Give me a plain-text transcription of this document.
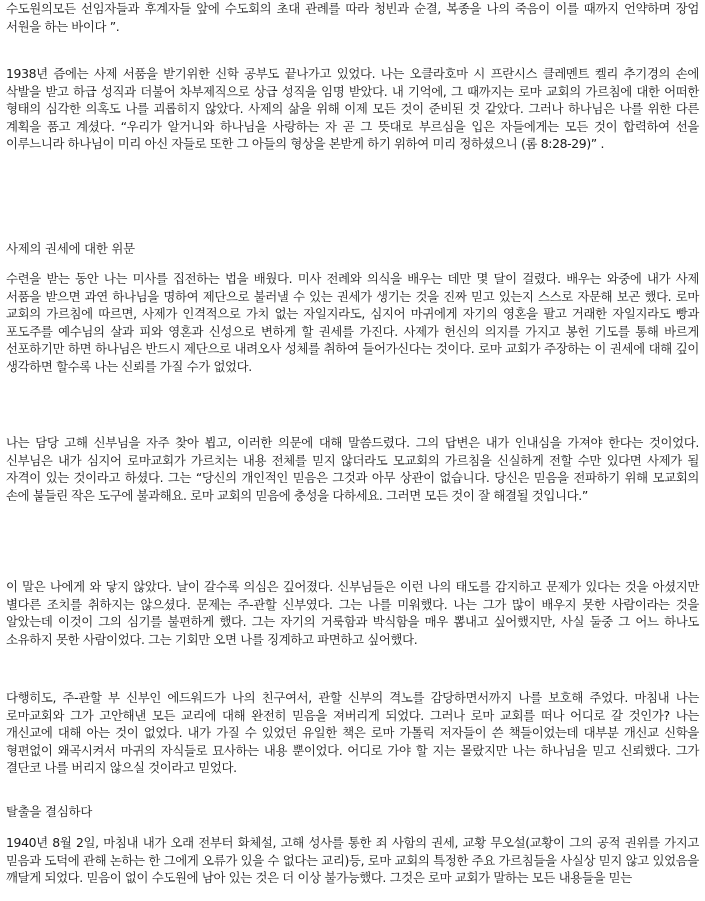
수도원의모든 선임자들과 후계자들 앞에 수도회의 초대 관례를 따라 청빈과 순결, 복종을 나의 죽음이 이를 때까지 언약하며 장엄 서원을 하는 바이다 ”.

1938년 즘에는 사제 서품을 받기위한 신학 공부도 끝나가고 있었다. 나는 오클라호마 시 프란시스 클레멘트 켈리 추기경의 손에 삭발을 받고 하급 성직과 더불어 차부제직으로 상급 성직을 임명 받았다. 내 기억에, 그 때까지는 로마 교회의 가르침에 대한 어떠한 형태의 심각한 의혹도 나를 괴롭히지 않았다. 사제의 삶을 위해 이제 모든 것이 준비된 것 같았다. 그러나 하나님은 나를 위한 다른 계획을 품고 계셨다. “우리가 알거니와 하나님을 사랑하는 자 곧 그 뜻대로 부르심을 입은 자들에게는 모든 것이 합력하여 선을 이루느니라 하나님이 미리 아신 자들로 또한 그 아들의 형상을 본받게 하기 위하여 미리 정하셨으니 (롬 8:28-29)” .

사제의 권세에 대한 위문

수련을 받는 동안 나는 미사를 집전하는 법을 배웠다. 미사 전례와 의식을 배우는 데만 몇 달이 걸렸다. 배우는 와중에 내가 사제 서품을 받으면 과연 하나님을 명하여 제단으로 불러낼 수 있는 권세가 생기는 것을 진짜 믿고 있는지 스스로 자문해 보곤 했다. 로마 교회의 가르침에 따르면, 사제가 인격적으로 가치 없는 자일지라도, 심지어 마귀에게 자기의 영혼을 팔고 거래한 자일지라도 빵과 포도주를 예수님의 살과 피와 영혼과 신성으로 변하게 할 권세를 가진다. 사제가 헌신의 의지를 가지고 봉헌 기도를 통해 바르게 선포하기만 하면 하나님은 반드시 제단으로 내려오사 성체를 취하여 들어가신다는 것이다. 로마 교회가 주장하는 이 권세에 대해 깊이 생각하면 할수록 나는 신뢰를 가질 수가 없었다.

나는 담당 고해 신부님을 자주 찾아 뵙고, 이러한 의문에 대해 말씀드렸다. 그의 답변은 내가 인내심을 가져야 한다는 것이었다. 신부님은 내가 심지어 로마교회가 가르치는 내용 전체를 믿지 않더라도 모교회의 가르침을 신실하게 전할 수만 있다면 사제가 될 자격이 있는 것이라고 하셨다. 그는 “당신의 개인적인 믿음은 그것과 아무 상관이 없습니다. 당신은 믿음을 전파하기 위해 모교회의 손에 붙들린 작은 도구에 불과해요. 로마 교회의 믿음에 충성을 다하세요. 그러면 모든 것이 잘 해결될 것입니다.”

이 말은 나에게 와 닿지 않았다. 날이 갈수록 의심은 깊어졌다. 신부님들은 이런 나의 태도를 감지하고 문제가 있다는 것을 아셨지만 별다른 조치를 취하지는 않으셨다. 문제는 주-관할 신부였다. 그는 나를 미워했다. 나는 그가 많이 배우지 못한 사람이라는 것을 알았는데 이것이 그의 심기를 불편하게 했다. 그는 자기의 거룩함과 박식함을 매우 뽐내고 싶어했지만, 사실 둘중 그 어느 하나도 소유하지 못한 사람이었다. 그는 기회만 오면 나를 징계하고 파면하고 싶어했다.

다행히도, 주-관할 부 신부인 에드워드가 나의 친구여서, 관할 신부의 격노를 감당하면서까지 나를 보호해 주었다. 마침내 나는 로마교회와 그가 고안해낸 모든 교리에 대해 완전히 믿음을 져버리게 되었다. 그러나 로마 교회를 떠나 어디로 갈 것인가? 나는 개신교에 대해 아는 것이 없었다. 내가 가질 수 있었던 유일한 책은 로마 가톨릭 저자들이 쓴 책들이었는데 대부분 개신교 신학을 형편없이 왜곡시켜서 마귀의 자식들로 묘사하는 내용 뿐이었다. 어디로 가야 할 지는 몰랐지만 나는 하나님을 믿고 신뢰했다. 그가 결단코 나를 버리지 않으실 것이라고 믿었다.

탈출을 결심하다

1940년 8월 2일, 마침내 내가 오래 전부터 화체설, 고해 성사를 통한 죄 사함의 권세, 교황 무오설(교황이 그의 공적 권위를 가지고 믿음과 도덕에 관해 논하는 한 그에게 오류가 있을 수 없다는 교리)등, 로마 교회의 특정한 주요 가르침들을 사실상 믿지 않고 있었음을 깨달게 되었다. 믿음이 없이 수도원에 남아 있는 것은 더 이상 불가능했다. 그것은 로마 교회가 말하는 모든 내용들을 믿는
